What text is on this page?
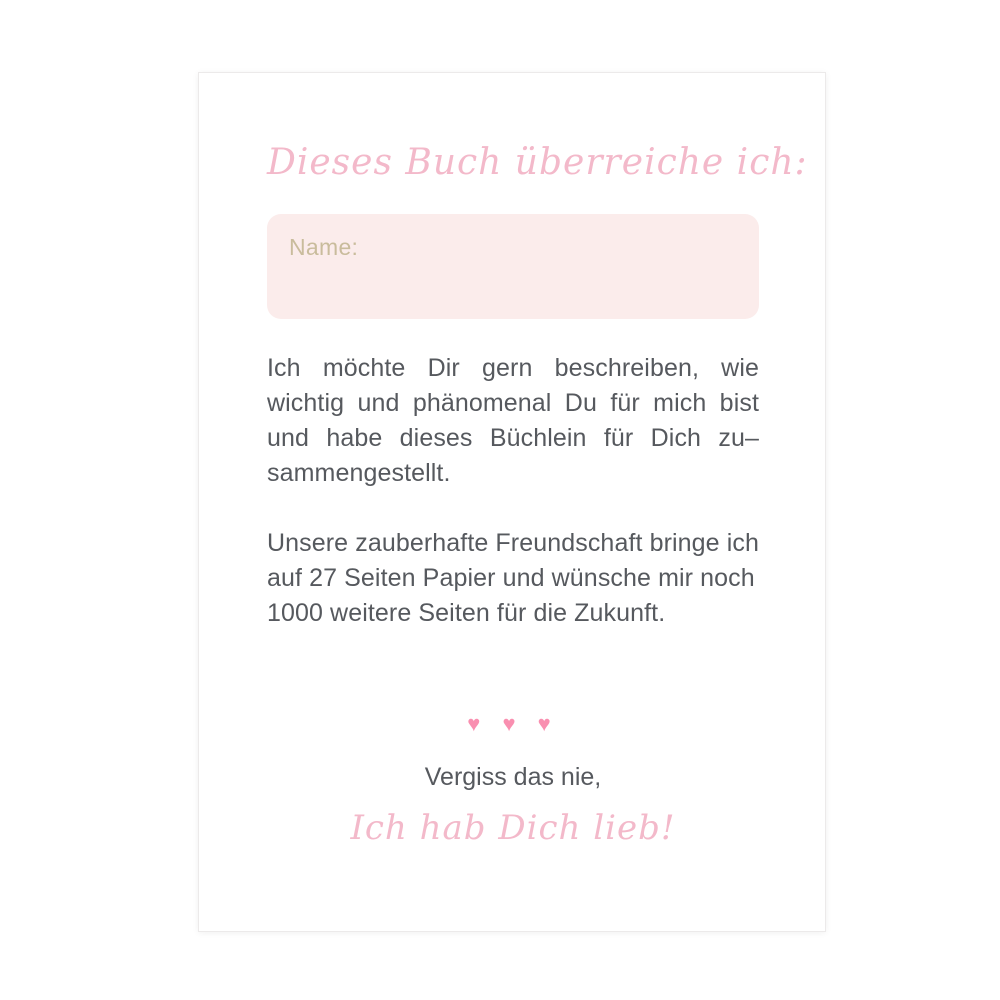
Dieses Buch überreiche ich:
Name:
Ich möchte Dir gern beschreiben, wie wichtig und phänomenal Du für mich bist und habe dieses Büchlein für Dich zu–sammengestellt.
Unsere zauberhafte Freundschaft bringe ich auf 27 Seiten Papier und wünsche mir noch 1000 weitere Seiten für die Zukunft.
♥ ♥ ♥
Vergiss das nie,
Ich hab Dich lieb!
